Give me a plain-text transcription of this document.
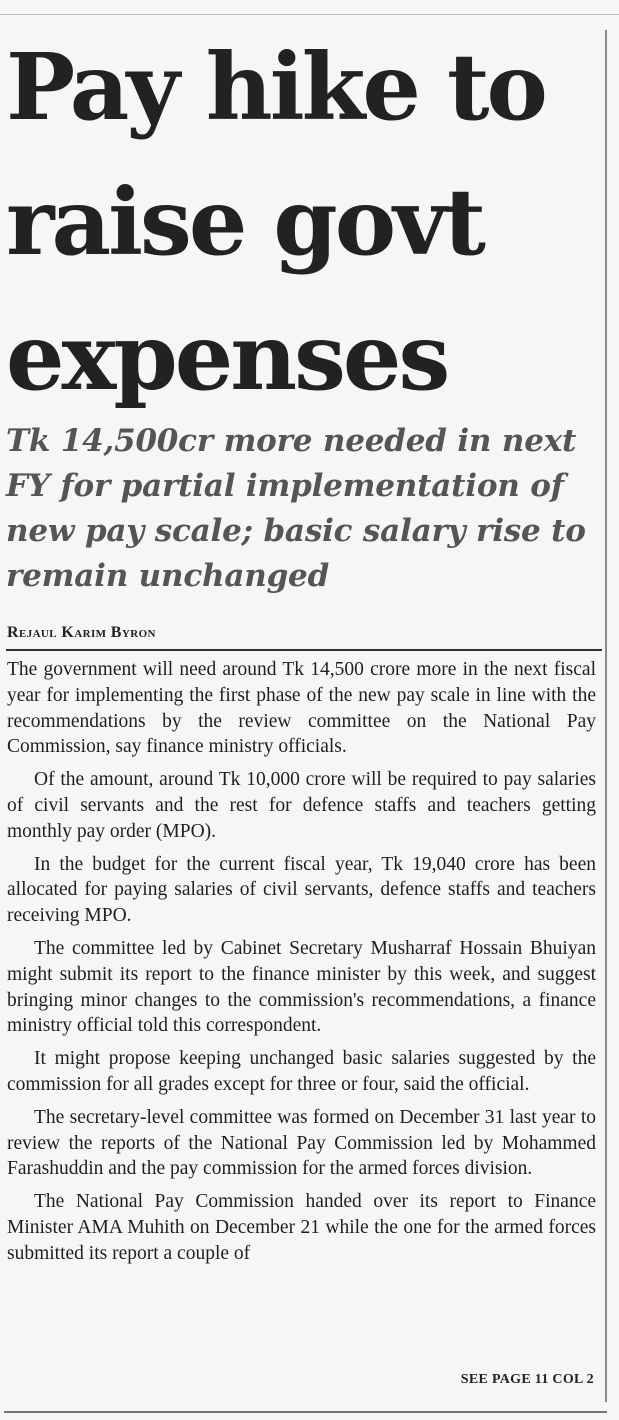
Pay hike to raise govt expenses
Tk 14,500cr more needed in next FY for partial implementation of new pay scale; basic salary rise to remain unchanged
Rejaul Karim Byron

The government will need around Tk 14,500 crore more in the next fiscal year for implementing the first phase of the new pay scale in line with the recommendations by the review committee on the National Pay Commission, say finance ministry officials.

Of the amount, around Tk 10,000 crore will be required to pay salaries of civil servants and the rest for defence staffs and teachers getting monthly pay order (MPO).

In the budget for the current fiscal year, Tk 19,040 crore has been allocated for paying salaries of civil servants, defence staffs and teachers receiving MPO.

The committee led by Cabinet Secretary Musharraf Hossain Bhuiyan might submit its report to the finance minister by this week, and suggest bringing minor changes to the commission's recommendations, a finance ministry official told this correspondent.

It might propose keeping unchanged basic salaries suggested by the commission for all grades except for three or four, said the official.

The secretary-level committee was formed on December 31 last year to review the reports of the National Pay Commission led by Mohammed Farashuddin and the pay commission for the armed forces division.

The National Pay Commission handed over its report to Finance Minister AMA Muhith on December 21 while the one for the armed forces submitted its report a couple of

SEE PAGE 11 COL 2
